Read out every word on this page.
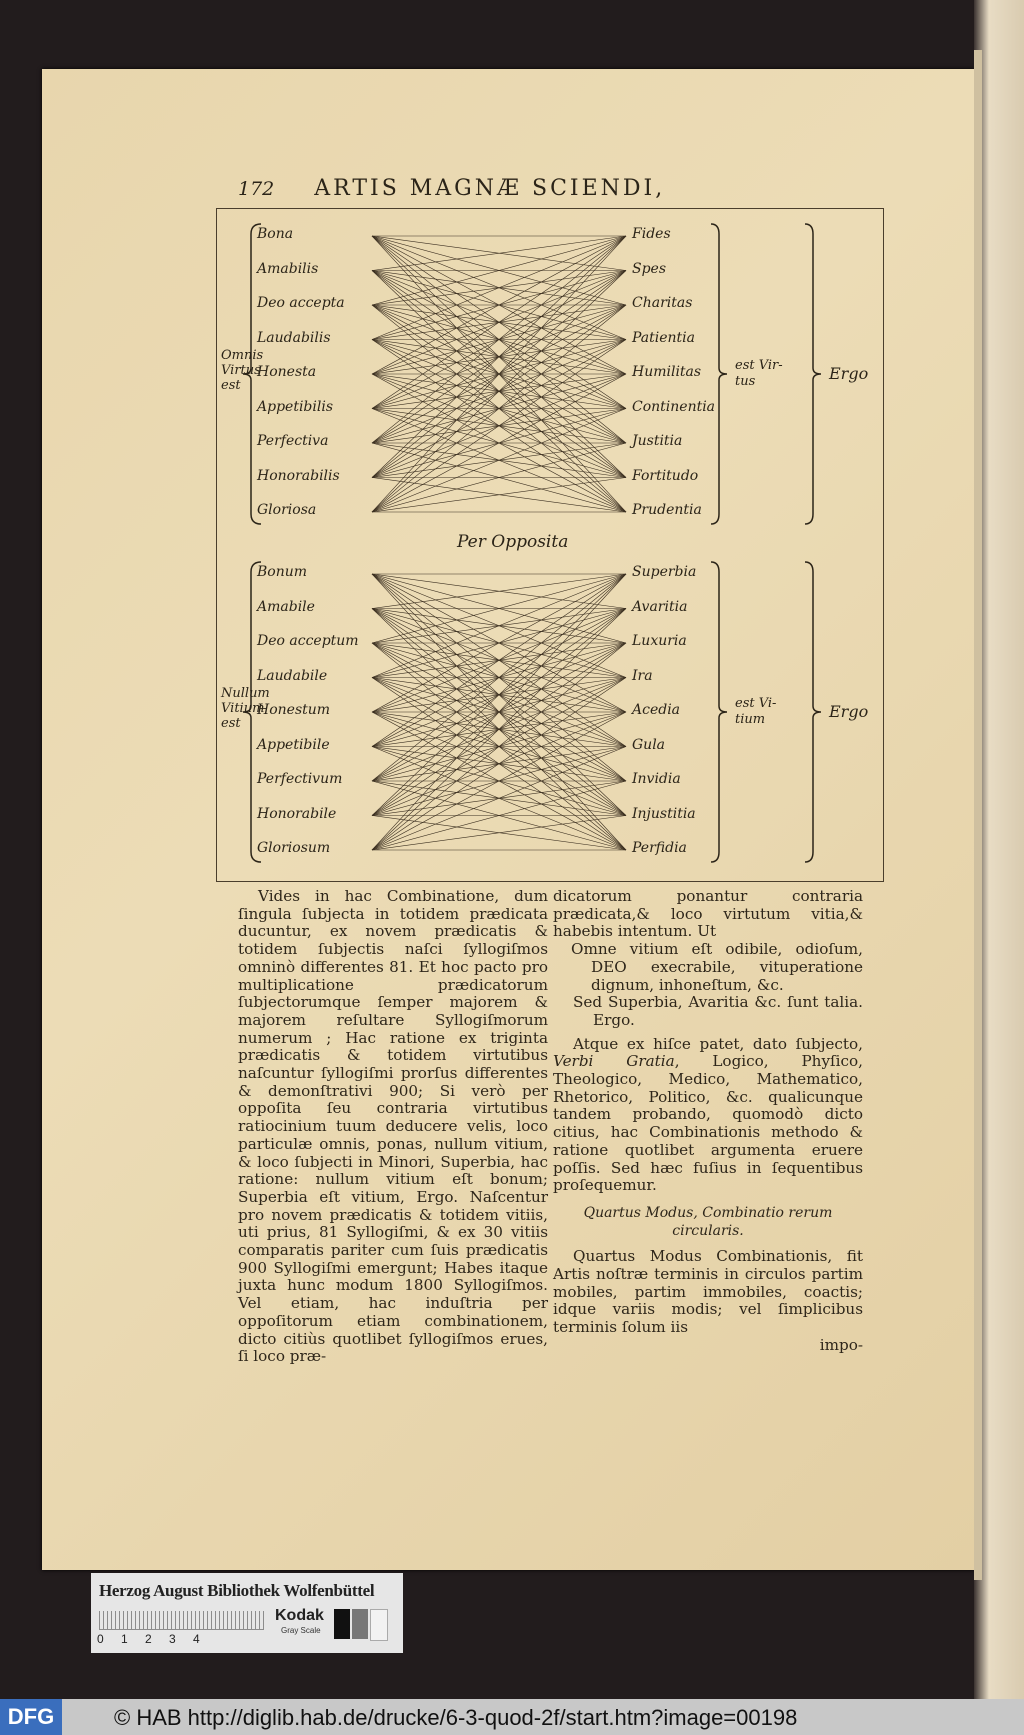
172 ARTIS MAGNÆ SCIENDI,
Bona
Amabilis
Deo accepta
Laudabilis
Honesta
Appetibilis
Perfectiva
Honorabilis
Gloriosa
Fides
Spes
Charitas
Patientia
Humilitas
Continentia
Justitia
Fortitudo
Prudentia
Omnis
Virtus
est
est Vir-
tus	Ergo
Bonum
Amabile
Deo acceptum
Laudabile
Honestum
Appetibile
Perfectivum
Honorabile
Gloriosum
Superbia
Avaritia
Luxuria
Ira
Acedia
Gula
Invidia
Injustitia
Perfidia
Nullum
Vitium
est
est Vi-
tium	Ergo
Per Opposita

Vides in hac Combinatione, dum ſingula ſubjecta in totidem prædicata ducuntur, ex novem prædicatis & totidem ſubjectis naſci ſyllogiſmos omninò differentes 81. Et hoc pacto pro multiplicatione prædicatorum ſubjectorumque ſemper majorem & majorem reſultare Syllogiſmorum numerum ; Hac ratione ex triginta prædicatis & totidem virtutibus naſcuntur ſyllogiſmi prorſus differentes & demonſtrativi 900; Si verò per oppoſita ſeu contraria virtutibus ratiocinium tuum deducere velis, loco particulæ omnis, ponas, nullum vitium, & loco ſubjecti in Minori, Superbia, hac ratione: nullum vitium eſt bonum; Superbia eſt vitium, Ergo. Naſcentur pro novem prædicatis & totidem vitiis, uti prius, 81 Syllogiſmi, & ex 30 vitiis comparatis pariter cum ſuis prædicatis 900 Syllogiſmi emergunt; Habes itaque juxta hunc modum 1800 Syllogiſmos. Vel etiam, hac induſtria per oppoſitorum etiam combinationem, dicto citiùs quotlibet ſyllogiſmos erues, ſi loco præ-

dicatorum ponantur contraria prædicata,& loco virtutum vitia,& habebis intentum. Ut

Omne vitium eſt odibile, odioſum, DEO execrabile, vituperatione dignum, inhoneſtum, &c.

Sed Superbia, Avaritia &c. ſunt talia. Ergo.

Atque ex hiſce patet, dato ſubjecto, Verbi Gratia, Logico, Phyſico, Theologico, Medico, Mathematico, Rhetorico, Politico, &c. qualicunque tandem probando, quomodò dicto citius, hac Combinationis methodo & ratione quotlibet argumenta eruere poſſis. Sed hæc fuſius in ſequentibus proſequemur.

Quartus Modus, Combinatio rerum circularis.

Quartus Modus Combinationis, fit Artis noſtræ terminis in circulos partim mobiles, partim immobiles, coactis; idque variis modis; vel ſimplicibus terminis ſolum iis

impo-

Herzog August Bibliothek Wolfenbüttel
0 1 2 3 4
Kodak
Gray Scale
DFG	© HAB http://diglib.hab.de/drucke/6-3-quod-2f/start.htm?image=00198
